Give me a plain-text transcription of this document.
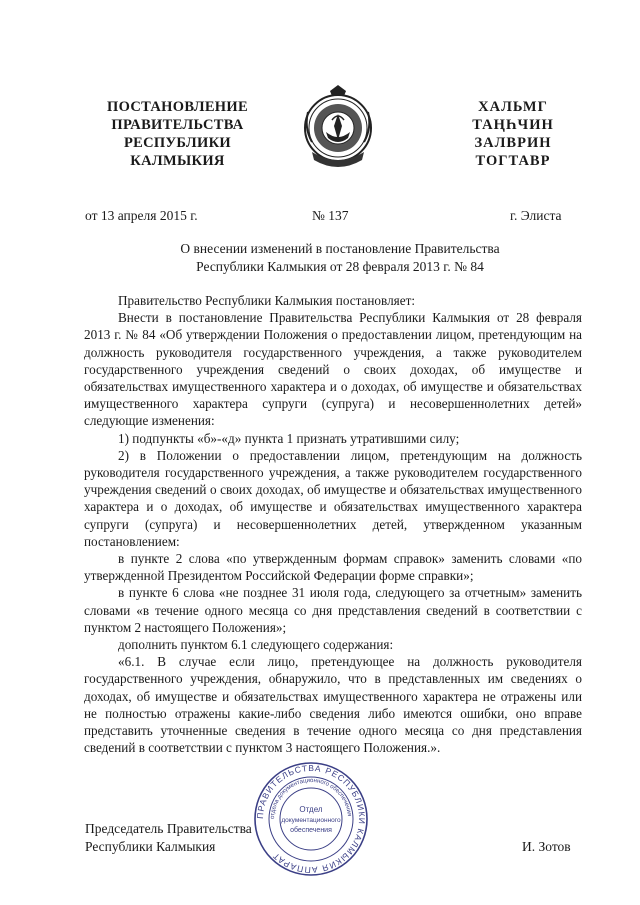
ПОСТАНОВЛЕНИЕ
ПРАВИТЕЛЬСТВА
РЕСПУБЛИКИ
КАЛМЫКИЯ
ХАЛЬМГ
ТАҢҺЧИН
ЗАЛВРИН
ТОГТАВР
от 13 апреля 2015 г.	№ 137	г. Элиста
О внесении изменений в постановление Правительства
Республики Калмыкия от 28 февраля 2013 г. № 84

Правительство Республики Калмыкия постановляет:

Внести в постановление Правительства Республики Калмыкия от 28 февраля 2013 г. № 84 «Об утверждении Положения о предоставлении лицом, претендующим на должность руководителя государственного учреждения, а также руководителем государственного учреждения сведений о своих доходах, об имуществе и обязательствах имущественного характера и о доходах, об имуществе и обязательствах имущественного характера супруги (супруга) и несовершеннолетних детей» следующие изменения:

1) подпункты «б»-«д» пункта 1 признать утратившими силу;

2) в Положении о предоставлении лицом, претендующим на должность руководителя государственного учреждения, а также руководителем государственного учреждения сведений о своих доходах, об имуществе и обязательствах имущественного характера и о доходах, об имуществе и обязательствах имущественного характера супруги (супруга) и несовершеннолетних детей, утвержденном указанным постановлением:

в пункте 2 слова «по утвержденным формам справок» заменить словами «по утвержденной Президентом Российской Федерации форме справки»;

в пункте 6 слова «не позднее 31 июля года, следующего за отчетным» заменить словами «в течение одного месяца со дня представления сведений в соответствии с пунктом 2 настоящего Положения»;

дополнить пунктом 6.1 следующего содержания:

«6.1. В случае если лицо, претендующее на должность руководителя государственного учреждения, обнаружило, что в представленных им сведениях о доходах, об имуществе и обязательствах имущественного характера не отражены или не полностью отражены какие-либо сведения либо имеются ошибки, оно вправе представить уточненные сведения в течение одного месяца со дня представления сведений в соответствии с пунктом 3 настоящего Положения.».

ПРАВИТЕЛЬСТВА РЕСПУБЛИКИ КАЛМЫКИЯ АППАРАТ
отдела документационного обеспечения
Отдел
документационного
обеспечения
Председатель Правительства
Республики Калмыкия	И. Зотов
